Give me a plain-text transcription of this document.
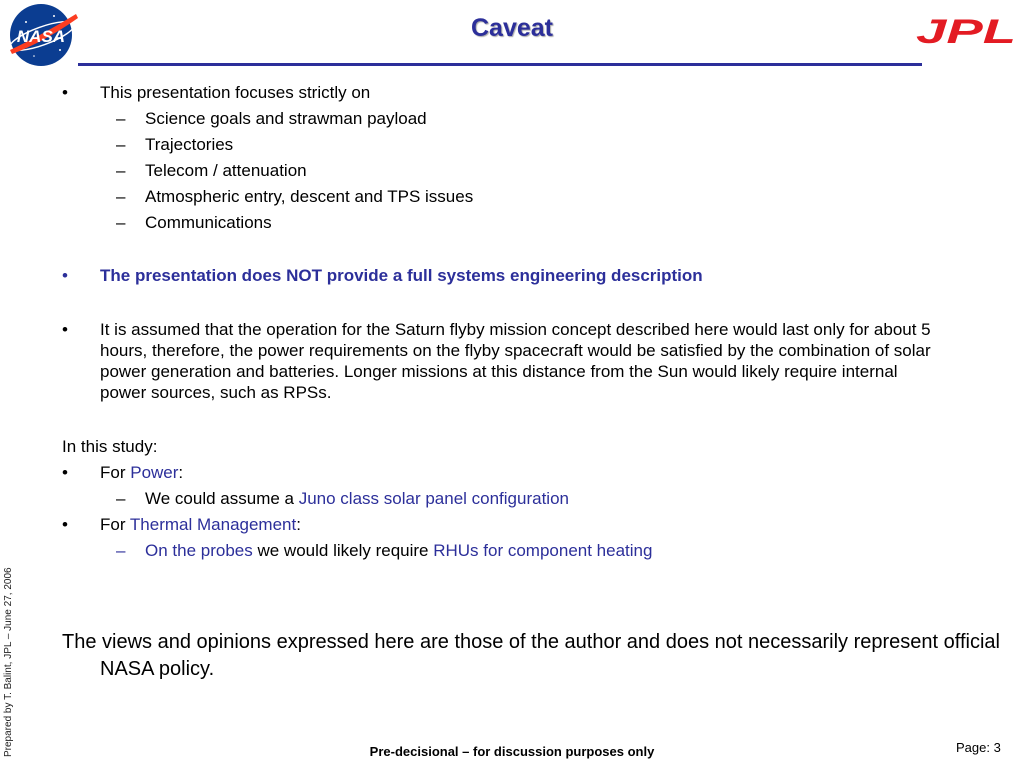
NASA	JPL
Caveat
• This presentation focuses strictly on
– Science goals and strawman payload
– Trajectories
– Telecom / attenuation
– Atmospheric entry, descent and TPS issues
– Communications
• The presentation does NOT provide a full systems engineering description
• It is assumed that the operation for the Saturn flyby mission concept described here would last only for about 5 hours, therefore, the power requirements on the flyby spacecraft would be satisfied by the combination of solar power generation and batteries. Longer missions at this distance from the Sun would likely require internal power sources, such as RPSs.
In this study:
• For Power:
– We could assume a Juno class solar panel configuration
• For Thermal Management:
– On the probes we would likely require RHUs for component heating
The views and opinions expressed here are those of the author and does not necessarily represent official NASA policy.
Prepared by T. Balint, JPL – June 27, 2006	Pre-decisional – for discussion purposes only	Page: 3
